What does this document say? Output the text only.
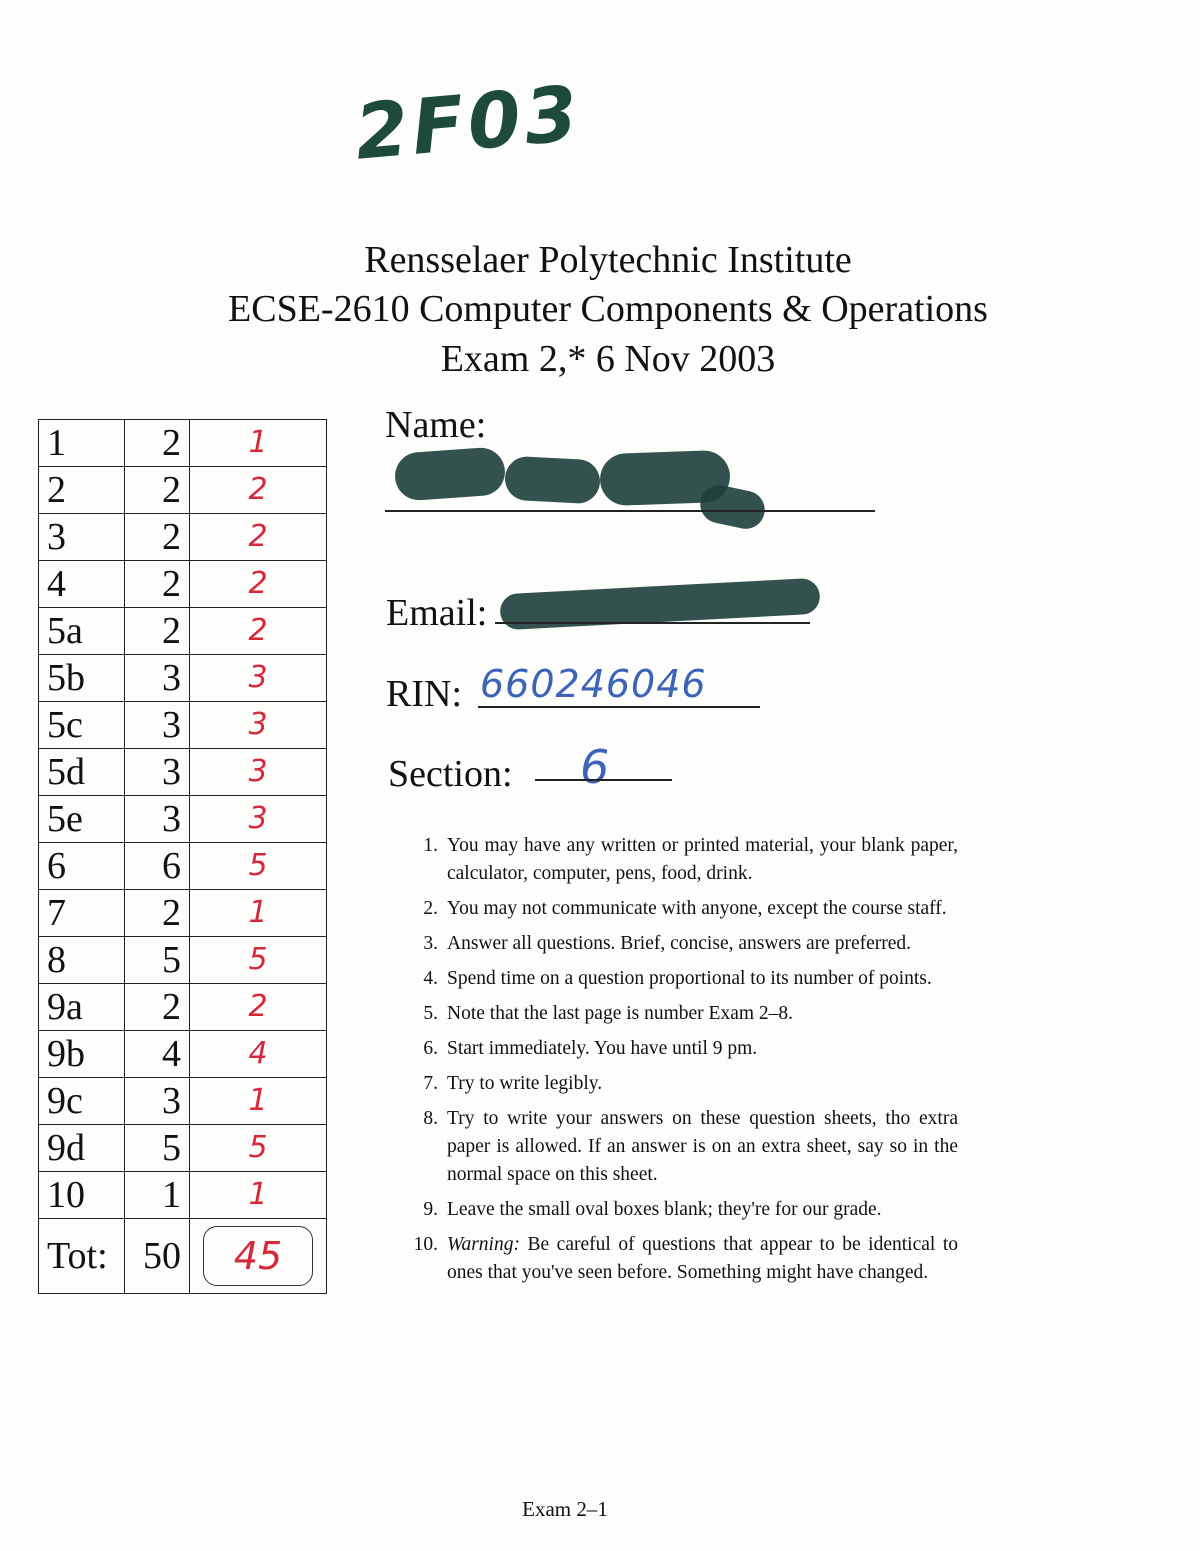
2F03
Rensselaer Polytechnic Institute
ECSE-2610 Computer Components & Operations
Exam 2,* 6 Nov 2003
1	2	1
2	2	2
3	2	2
4	2	2
5a	2	2
5b	3	3
5c	3	3
5d	3	3
5e	3	3
6	6	5
7	2	1
8	5	5
9a	2	2
9b	4	4
9c	3	1
9d	5	5
10	1	1
Tot:	50	45
Name:
Email:
RIN: 660246046
Section: 6
1. You may have any written or printed material, your blank paper, calculator, computer, pens, food, drink.
2. You may not communicate with anyone, except the course staff.
3. Answer all questions. Brief, concise, answers are preferred.
4. Spend time on a question proportional to its number of points.
5. Note that the last page is number Exam 2–8.
6. Start immediately. You have until 9 pm.
7. Try to write legibly.
8. Try to write your answers on these question sheets, tho extra paper is allowed. If an answer is on an extra sheet, say so in the normal space on this sheet.
9. Leave the small oval boxes blank; they're for our grade.
10. Warning: Be careful of questions that appear to be identical to ones that you've seen before. Something might have changed.
Exam 2–1
